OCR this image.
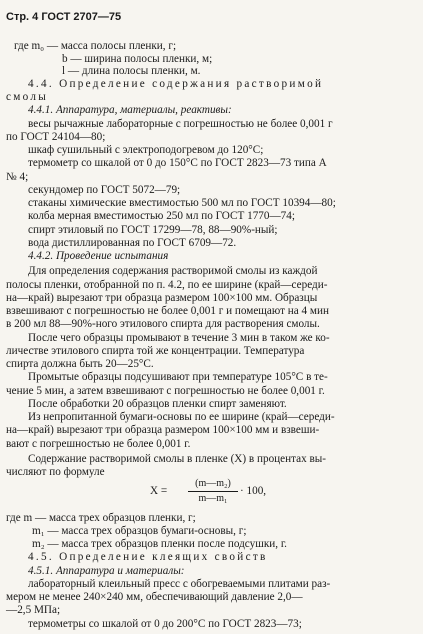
Стр. 4 ГОСТ 2707—75
где m₀ — масса полосы пленки, г;
b — ширина полосы пленки, м;
l — длина полосы пленки, м.
4.4. Определение содержания растворимой
смолы
4.4.1. Аппаратура, материалы, реактивы:
весы рычажные лабораторные с погрешностью не более 0,001 г
по ГОСТ 24104—80;
шкаф сушильный с электроподогревом до 120°С;
термометр со шкалой от 0 до 150°С по ГОСТ 2823—73 типа А
№ 4;
секундомер по ГОСТ 5072—79;
стаканы химические вместимостью 500 мл по ГОСТ 10394—80;
колба мерная вместимостью 250 мл по ГОСТ 1770—74;
спирт этиловый по ГОСТ 17299—78, 88—90%-ный;
вода дистиллированная по ГОСТ 6709—72.
4.4.2. Проведение испытания
Для определения содержания растворимой смолы из каждой
полосы пленки, отобранной по п. 4.2, по ее ширине (край—середи-
на—край) вырезают три образца размером 100×100 мм. Образцы
взвешивают с погрешностью не более 0,001 г и помещают на 4 мин
в 200 мл 88—90%-ного этилового спирта для растворения смолы.
После чего образцы промывают в течение 3 мин в таком же ко-
личестве этилового спирта той же концентрации. Температура
спирта должна быть 20—25°С.
Промытые образцы подсушивают при температуре 105°С в те-
чение 5 мин, а затем взвешивают с погрешностью не более 0,001 г.
После обработки 20 образцов пленки спирт заменяют.
Из непропитанной бумаги-основы по ее ширине (край—середи-
на—край) вырезают три образца размером 100×100 мм и взвеши-
вают с погрешностью не более 0,001 г.
Содержание растворимой смолы в пленке (X) в процентах вы-
числяют по формуле
X =
(m—m₂)
m—m₁
· 100,
где m — масса трех образцов пленки, г;
m₁ — масса трех образцов бумаги-основы, г;
m₂ — масса трех образцов пленки после подсушки, г.
4.5. Определение клеящих свойств
4.5.1. Аппаратура и материалы:
лабораторный клеильный пресс с обогреваемыми плитами раз-
мером не менее 240×240 мм, обеспечивающий давление 2,0—
—2,5 МПа;
термометры со шкалой от 0 до 200°С по ГОСТ 2823—73;
